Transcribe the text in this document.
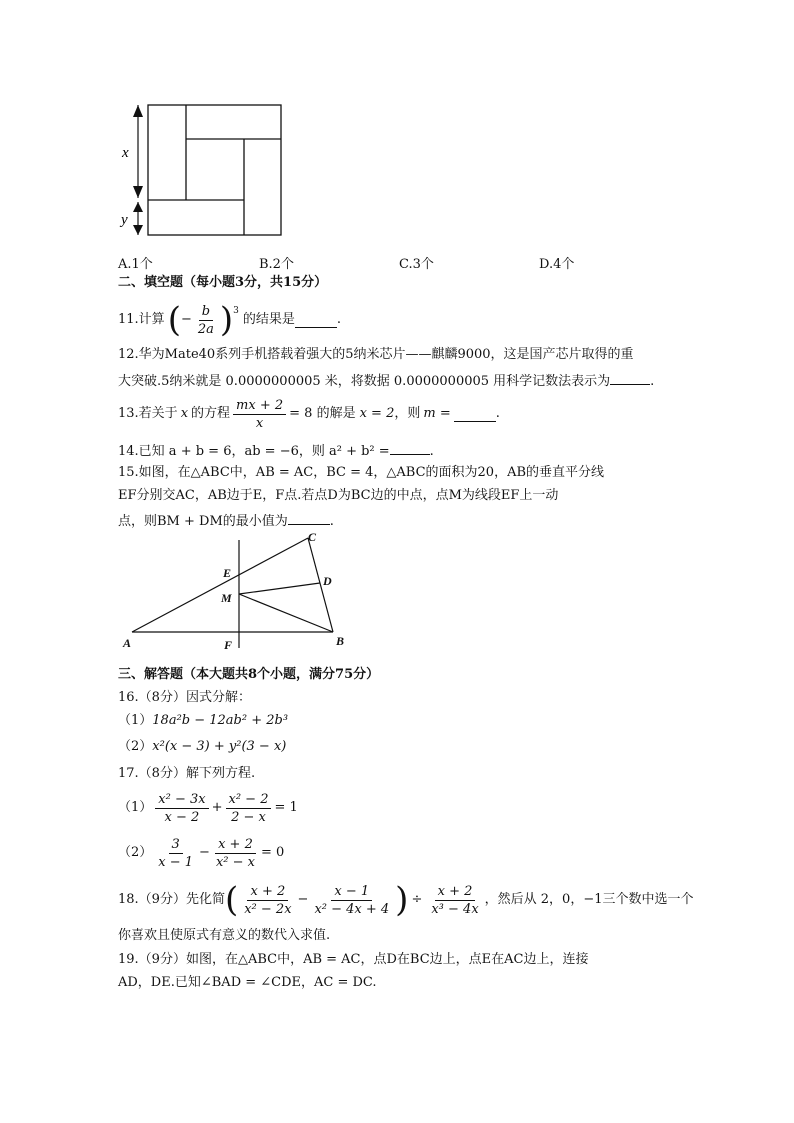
x
y
A.1个	B.2个	C.3个	D.4个
二、填空题（每小题3分，共15分）
11.计算 ( − $\frac{b}{2a} )^3$
的结果是	.
12.华为Mate40系列手机搭载着强大的5纳米芯片——麒麟9000，这是国产芯片取得的重
大突破.5纳米就是 0.0000000005 米，将数据 0.0000000005 用科学记数法表示为	.
13.若关于 x 的方程 $\frac{mx + 2}{x} = 8$ 的解是 x = 2 ，则 m =	.
14.已知 a + b = 6，ab = −6，则 a² + b² =	.
15.如图，在△ABC中，AB = AC，BC = 4，△ABC的面积为20，AB的垂直平分线
EF分别交AC，AB边于E，F点.若点D为BC边的中点，点M为线段EF上一动
点，则BM + DM的最小值为	.
A	B
C
D
E
F
M
三、解答题（本大题共8个小题，满分75分）
16.（8分）因式分解：
（1）18a²b − 12ab² + 2b³
（2）x²(x − 3) + y²(3 − x)
17.（8分）解下列方程.
$(1) \frac{\text{x² − 3x}}{x - 2} + \frac{\text{x² − 2}}{2 - x} = 1$
$(2) \frac{3}{x - 1} - \frac{x + 2}{\text{x² − x}} = 0$
18.（9分）先化简 ( $\frac{x + 2}{\text{x² − 2x}} - \frac{x - 1}{\text{x² − 4x + 4}}$ ) ÷ $\frac{x + 2}{\text{x³ − 4x}}$ ，然后从 2，0，−1三个数中选一个
你喜欢且使原式有意义的数代入求值.
19.（9分）如图，在△ABC中，AB = AC，点D在BC边上，点E在AC边上，连接
AD，DE.已知∠BAD = ∠CDE，AC = DC.
